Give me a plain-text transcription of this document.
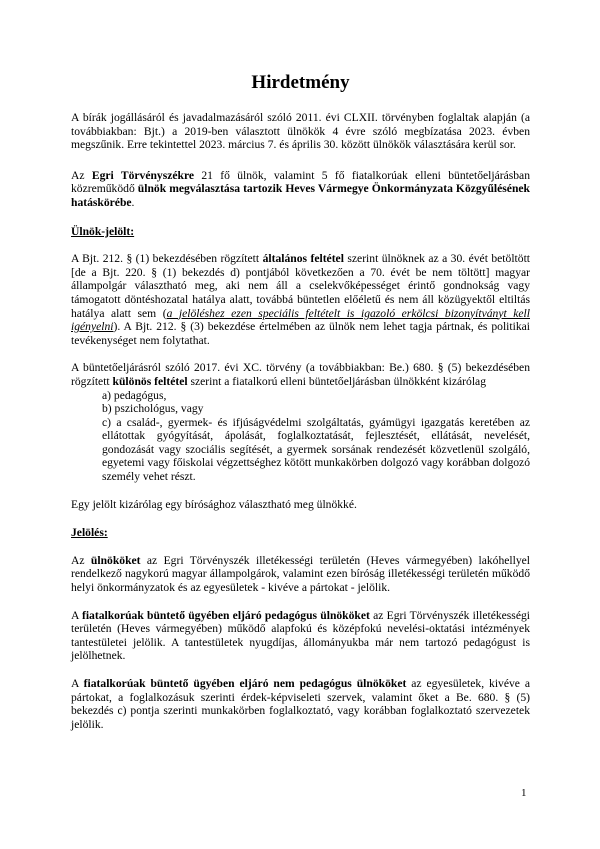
Hirdetmény

A bírák jogállásáról és javadalmazásáról szóló 2011. évi CLXII. törvényben foglaltak alapján (a továbbiakban: Bjt.) a 2019-ben választott ülnökök 4 évre szóló megbízatása 2023. évben megszűnik. Erre tekintettel 2023. március 7. és április 30. között ülnökök választására kerül sor.

Az Egri Törvényszékre 21 fő ülnök, valamint 5 fő fiatalkorúak elleni büntetőeljárásban közreműködő ülnök megválasztása tartozik Heves Vármegye Önkormányzata Közgyűlésének hatáskörébe.

Ülnök-jelölt:

A Bjt. 212. § (1) bekezdésében rögzített általános feltétel szerint ülnöknek az a 30. évét betöltött [de a Bjt. 220. § (1) bekezdés d) pontjából következően a 70. évét be nem töltött] magyar állampolgár választható meg, aki nem áll a cselekvőképességet érintő gondnokság vagy támogatott döntéshozatal hatálya alatt, továbbá büntetlen előéletű és nem áll közügyektől eltiltás hatálya alatt sem (a jelöléshez ezen speciális feltételt is igazoló erkölcsi bizonyítványt kell igényelni). A Bjt. 212. § (3) bekezdése értelmében az ülnök nem lehet tagja pártnak, és politikai tevékenységet nem folytathat.

A büntetőeljárásról szóló 2017. évi XC. törvény (a továbbiakban: Be.) 680. § (5) bekezdésében rögzített különös feltétel szerint a fiatalkorú elleni büntetőeljárásban ülnökként kizárólag

a) pedagógus,
b) pszichológus, vagy
c) a család-, gyermek- és ifjúságvédelmi szolgáltatás, gyámügyi igazgatás keretében az ellátottak gyógyítását, ápolását, foglalkoztatását, fejlesztését, ellátását, nevelését, gondozását vagy szociális segítését, a gyermek sorsának rendezését közvetlenül szolgáló, egyetemi vagy főiskolai végzettséghez kötött munkakörben dolgozó vagy korábban dolgozó személy vehet részt.

Egy jelölt kizárólag egy bírósághoz választható meg ülnökké.

Jelölés:

Az ülnököket az Egri Törvényszék illetékességi területén (Heves vármegyében) lakóhellyel rendelkező nagykorú magyar állampolgárok, valamint ezen bíróság illetékességi területén működő helyi önkormányzatok és az egyesületek - kivéve a pártokat - jelölik.

A fiatalkorúak büntető ügyében eljáró pedagógus ülnököket az Egri Törvényszék illetékességi területén (Heves vármegyében) működő alapfokú és középfokú nevelési-oktatási intézmények tantestületei jelölik. A tantestületek nyugdíjas, állományukba már nem tartozó pedagógust is jelölhetnek.

A fiatalkorúak büntető ügyében eljáró nem pedagógus ülnököket az egyesületek, kivéve a pártokat, a foglalkozásuk szerinti érdek-képviseleti szervek, valamint őket a Be. 680. § (5) bekezdés c) pontja szerinti munkakörben foglalkoztató, vagy korábban foglalkoztató szervezetek jelölik.

1
